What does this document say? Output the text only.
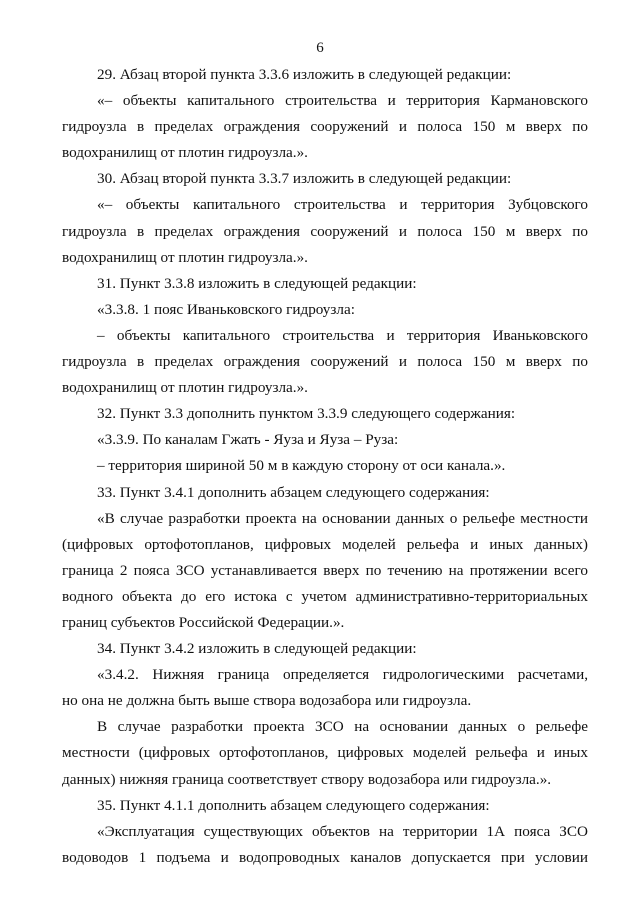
6
29. Абзац второй пункта 3.3.6 изложить в следующей редакции:
«– объекты капитального строительства и территория Кармановского
гидроузла в пределах ограждения сооружений и полоса 150 м вверх по
водохранилищ от плотин гидроузла.».
30. Абзац второй пункта 3.3.7 изложить в следующей редакции:
«– объекты капитального строительства и территория Зубцовского
гидроузла в пределах ограждения сооружений и полоса 150 м вверх по
водохранилищ от плотин гидроузла.».
31. Пункт 3.3.8 изложить в следующей редакции:
«3.3.8. 1 пояс Иваньковского гидроузла:
– объекты капитального строительства и территория Иваньковского
гидроузла в пределах ограждения сооружений и полоса 150 м вверх по
водохранилищ от плотин гидроузла.».
32. Пункт 3.3 дополнить пунктом 3.3.9 следующего содержания:
«3.3.9. По каналам Гжать - Яуза и Яуза – Руза:
– территория шириной 50 м в каждую сторону от оси канала.».
33. Пункт 3.4.1 дополнить абзацем следующего содержания:
«В случае разработки проекта на основании данных о рельефе местности
(цифровых ортофотопланов, цифровых моделей рельефа и иных данных)
граница 2 пояса ЗСО устанавливается вверх по течению на протяжении всего
водного объекта до его истока с учетом административно-территориальных
границ субъектов Российской Федерации.».
34. Пункт 3.4.2 изложить в следующей редакции:
«3.4.2. Нижняя граница определяется гидрологическими расчетами,
но она не должна быть выше створа водозабора или гидроузла.
В случае разработки проекта ЗСО на основании данных о рельефе
местности (цифровых ортофотопланов, цифровых моделей рельефа и иных
данных) нижняя граница соответствует створу водозабора или гидроузла.».
35. Пункт 4.1.1 дополнить абзацем следующего содержания:
«Эксплуатация существующих объектов на территории 1А пояса ЗСО
водоводов 1 подъема и водопроводных каналов допускается при условии
